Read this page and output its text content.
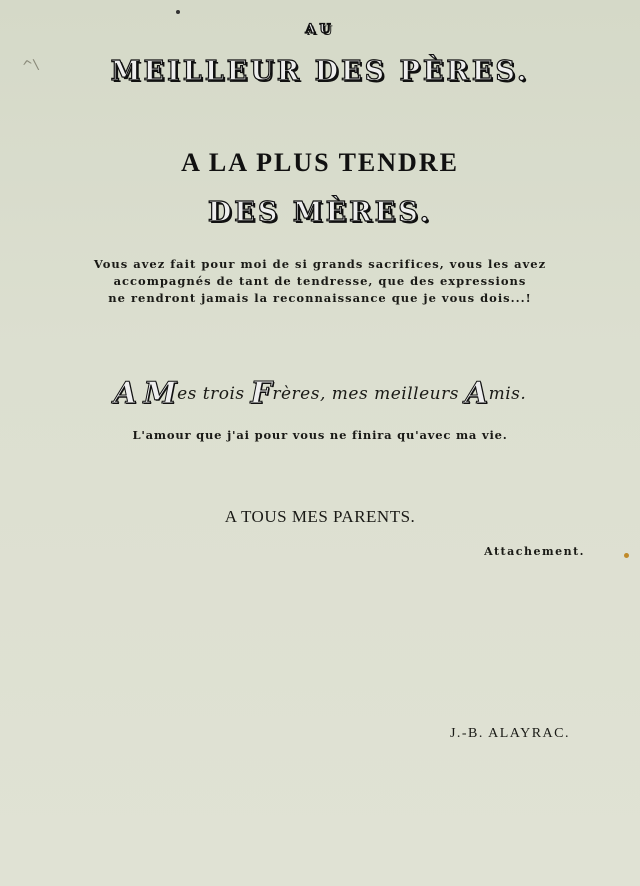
^\
AU
MEILLEUR DES PÈRES.
A LA PLUS TENDRE
DES MÈRES.
Vous avez fait pour moi de si grands sacrifices, vous les avez
accompagnés de tant de tendresse, que des expressions
ne rendront jamais la reconnaissance que je vous dois...!
A Mes trois Frères, mes meilleurs Amis.
L'amour que j'ai pour vous ne finira qu'avec ma vie.
A TOUS MES PARENTS.
Attachement.
J.-B. ALAYRAC.
